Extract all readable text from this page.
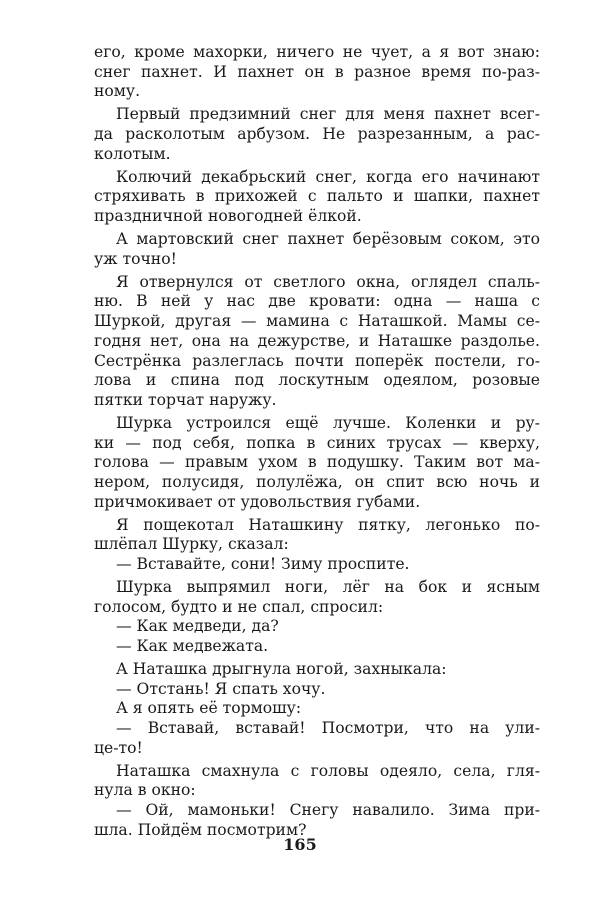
его, кроме махорки, ничего не чует, а я вот знаю:
снег пахнет. И пахнет он в разное время по-раз-
ному.
Первый предзимний снег для меня пахнет всег-
да расколотым арбузом. Не разрезанным, а рас-
колотым.
Колючий декабрьский снег, когда его начинают
стряхивать в прихожей с пальто и шапки, пахнет
праздничной новогодней ёлкой.
А мартовский снег пахнет берёзовым соком, это
уж точно!
Я отвернулся от светлого окна, оглядел спаль-
ню. В ней у нас две кровати: одна — наша с
Шуркой, другая — мамина с Наташкой. Мамы се-
годня нет, она на дежурстве, и Наташке раздолье.
Сестрёнка разлеглась почти поперёк постели, го-
лова и спина под лоскутным одеялом, розовые
пятки торчат наружу.
Шурка устроился ещё лучше. Коленки и ру-
ки — под себя, попка в синих трусах — кверху,
голова — правым ухом в подушку. Таким вот ма-
нером, полусидя, полулёжа, он спит всю ночь и
причмокивает от удовольствия губами.
Я пощекотал Наташкину пятку, легонько по-
шлёпал Шурку, сказал:
— Вставайте, сони! Зиму проспите.
Шурка выпрямил ноги, лёг на бок и ясным
голосом, будто и не спал, спросил:
— Как медведи, да?
— Как медвежата.
А Наташка дрыгнула ногой, захныкала:
— Отстань! Я спать хочу.
А я опять её тормошу:
— Вставай, вставай! Посмотри, что на ули-
це-то!
Наташка смахнула с головы одеяло, села, гля-
нула в окно:
— Ой, мамоньки! Снегу навалило. Зима при-
шла. Пойдём посмотрим?
165
